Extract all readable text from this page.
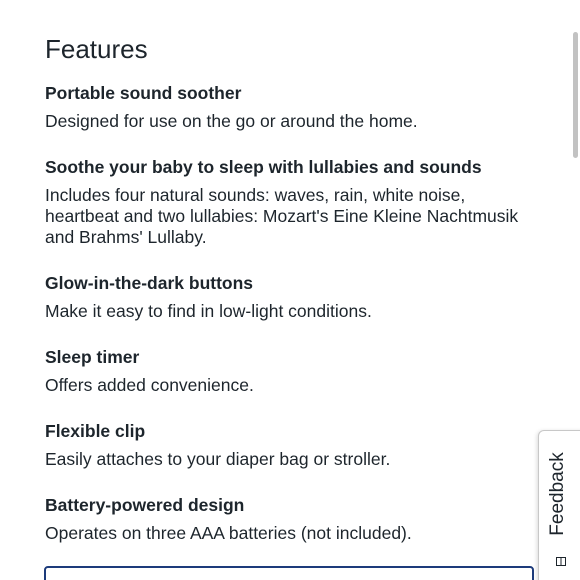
Features
Portable sound soother

Designed for use on the go or around the home.

Soothe your baby to sleep with lullabies and sounds

Includes four natural sounds: waves, rain, white noise, heartbeat and two lullabies: Mozart's Eine Kleine Nachtmusik and Brahms' Lullaby.

Glow-in-the-dark buttons

Make it easy to find in low-light conditions.

Sleep timer

Offers added convenience.

Flexible clip

Easily attaches to your diaper bag or stroller.

Battery-powered design

Operates on three AAA batteries (not included).	Feedback
